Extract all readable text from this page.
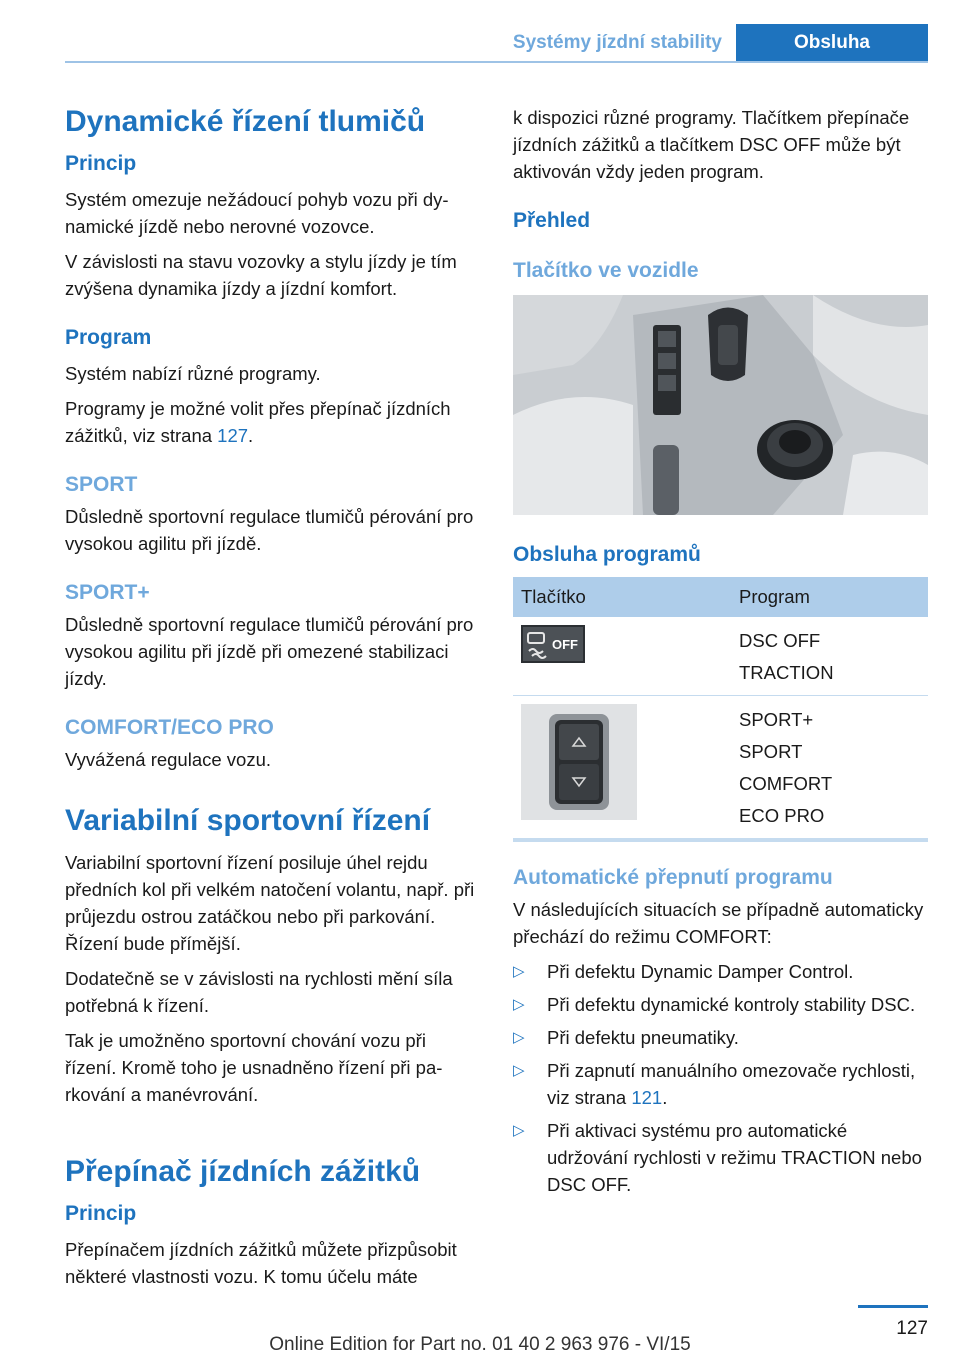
Systémy jízdní stability	Obsluha
Dynamické řízení tlumičů
Princip

Systém omezuje nežádoucí pohyb vozu při dynamické jízdě nebo nerovné vozovce.

V závislosti na stavu vozovky a stylu jízdy je tím zvýšena dynamika jízdy a jízdní komfort.

Program

Systém nabízí různé programy.

Programy je možné volit přes přepínač jízdních zážitků, viz strana 127.

SPORT

Důsledně sportovní regulace tlumičů pérování pro vysokou agilitu při jízdě.

SPORT+

Důsledně sportovní regulace tlumičů pérování pro vysokou agilitu při jízdě při omezené stabilizaci jízdy.

COMFORT/ECO PRO

Vyvážená regulace vozu.

Variabilní sportovní řízení

Variabilní sportovní řízení posiluje úhel rejdu předních kol při velkém natočení volantu, např. při průjezdu ostrou zatáčkou nebo při parkování. Řízení bude přímější.

Dodatečně se v závislosti na rychlosti mění síla potřebná k řízení.

Tak je umožněno sportovní chování vozu při řízení. Kromě toho je usnadněno řízení při parkování a manévrování.

Přepínač jízdních zážitků
Princip

Přepínačem jízdních zážitků můžete přizpůsobit některé vlastnosti vozu. K tomu účelu máte

k dispozici různé programy. Tlačítkem přepínače jízdních zážitků a tlačítkem DSC OFF může být aktivován vždy jeden program.

Přehled
Tlačítko ve vozidle
Obsluha programů
Tlačítko	Program

OFF	DSC OFF
TRACTION

SPORT+
SPORT
COMFORT
ECO PRO
Automatické přepnutí programu

V následujících situacích se případně automaticky přechází do režimu COMFORT:

▷ Při defektu Dynamic Damper Control.
▷ Při defektu dynamické kontroly stability DSC.
▷ Při defektu pneumatiky.
▷ Při zapnutí manuálního omezovače rychlosti, viz strana 121.
▷ Při aktivaci systému pro automatické udržování rychlosti v režimu TRACTION nebo DSC OFF.
127
Online Edition for Part no. 01 40 2 963 976 - VI/15
